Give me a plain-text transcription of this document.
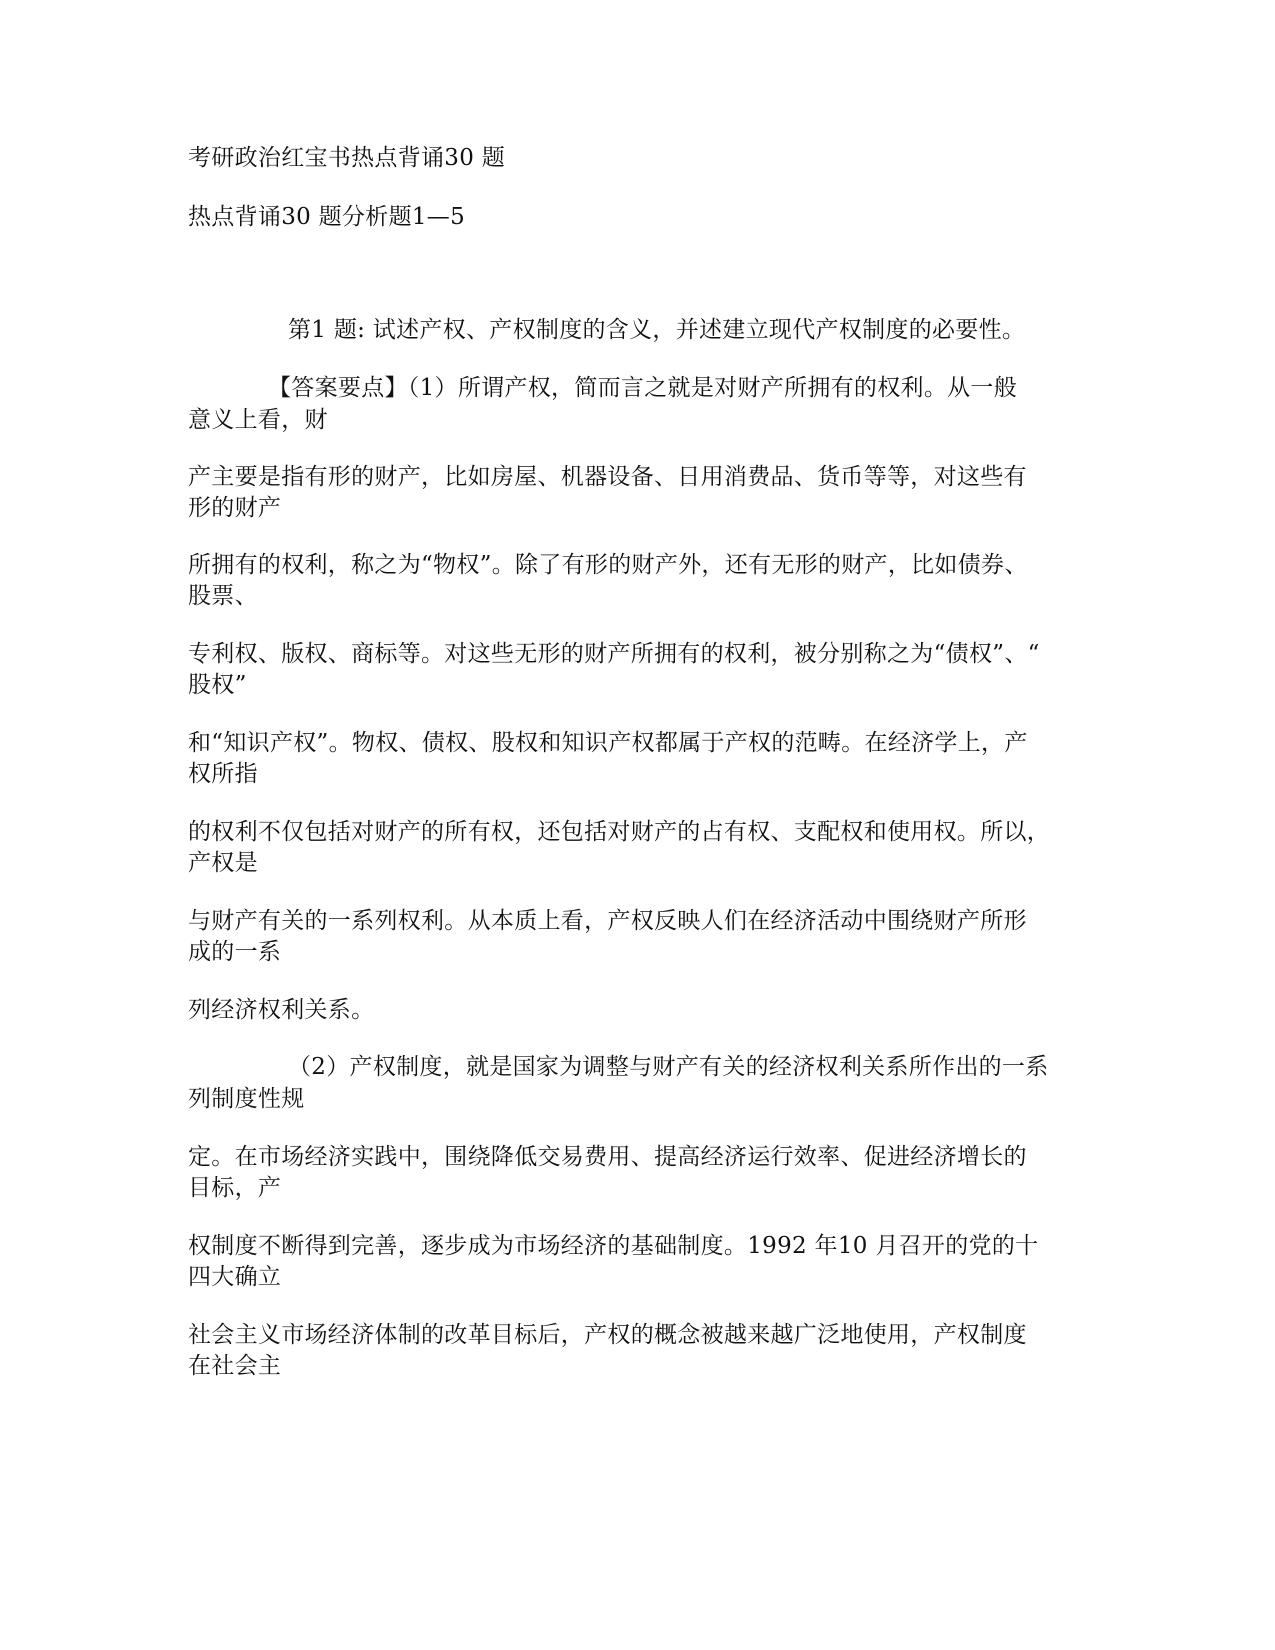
考研政治红宝书热点背诵30 题
热点背诵30 题分析题1—5
第1 题: 试述产权、产权制度的含义，并述建立现代产权制度的必要性。
【答案要点】（1）所谓产权，简而言之就是对财产所拥有的权利。从一般
意义上看，财
产主要是指有形的财产，比如房屋、机器设备、日用消费品、货币等等，对这些有
形的财产
所拥有的权利，称之为“物权”。除了有形的财产外，还有无形的财产，比如债券、
股票、
专利权、版权、商标等。对这些无形的财产所拥有的权利，被分别称之为“债权”、“
股权”
和“知识产权”。物权、债权、股权和知识产权都属于产权的范畴。在经济学上，产
权所指
的权利不仅包括对财产的所有权，还包括对财产的占有权、支配权和使用权。所以，
产权是
与财产有关的一系列权利。从本质上看，产权反映人们在经济活动中围绕财产所形
成的一系
列经济权利关系。
（2）产权制度，就是国家为调整与财产有关的经济权利关系所作出的一系
列制度性规
定。在市场经济实践中，围绕降低交易费用、提高经济运行效率、促进经济增长的
目标，产
权制度不断得到完善，逐步成为市场经济的基础制度。1992 年10 月召开的党的十
四大确立
社会主义市场经济体制的改革目标后，产权的概念被越来越广泛地使用，产权制度
在社会主
